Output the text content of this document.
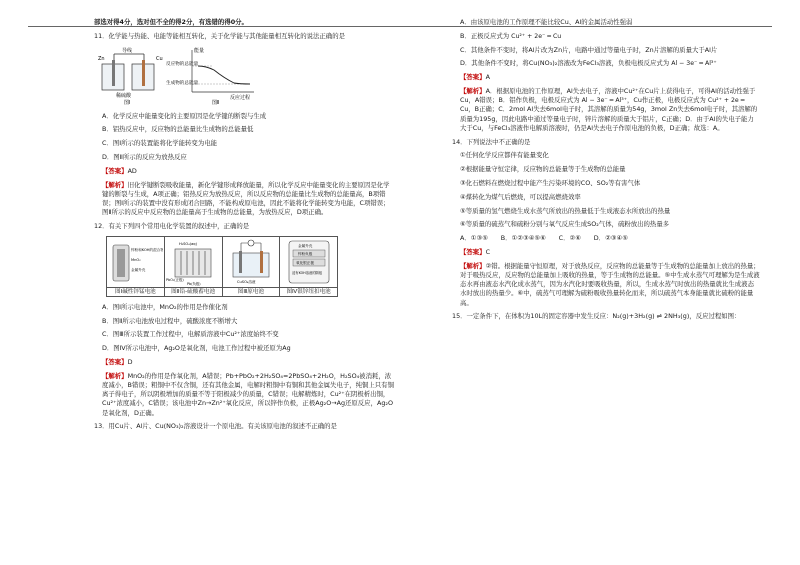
部选对得4分，选对但不全的得2分，有选错的得0分。

11．化学能与热能、电能等能相互转化，关于化学能与其他能量相互转化的说法正确的是

导线
Zn	Cu
稀硫酸
图Ⅰ
能量
反应物的总能量
生成物的总能量
反应过程
图Ⅱ

A．化学反应中能量变化的主要原因是化学键的断裂与生成

B．铝热反应中，反应物的总能量比生成物的总能量低

C．图Ⅰ所示的装置能将化学能转变为电能

D．图Ⅱ所示的反应为放热反应

【答案】AD

【解析】旧化学键断裂吸收能量，新化学键形成释放能量，所以化学反应中能量变化的主要原因是化学键的断裂与生成，A项正确；铝热反应为放热反应，所以反应物的总能量比生成物的总能量高，B项错误；图Ⅰ所示的装置中没有形成闭合回路，不能构成原电池，因此不能将化学能转变为电能，C项错误；图Ⅱ所示的反应中反应物的总能量高于生成物的总能量，为放热反应，D项正确。

12．有关下列四个常用电化学装置的叙述中，正确的是

锌粉和KOH的混合物
MnO₂
金属外壳	H₂SO₄(aq)
PbO₂(正极)
Pb(负极)	CuSO₄溶液	金属外壳
锌粉负极
氧化银正极
浸有KOH溶液的隔板

图Ⅰ碱性锌锰电池	图Ⅱ铅-硫酸蓄电池	图Ⅲ原电池	图Ⅳ银锌纽扣电池

A．图Ⅰ所示电池中，MnO₂的作用是作催化剂

B．图Ⅱ所示电池放电过程中，硫酸浓度不断增大

C．图Ⅲ所示装置工作过程中，电解质溶液中Cu²⁺浓度始终不变

D．图Ⅳ所示电池中，Ag₂O是氧化剂，电池工作过程中被还原为Ag

【答案】D

【解析】MnO₂的作用是作氧化剂，A错误；Pb+PbO₂+2H₂SO₄=2PbSO₄+2H₂O，H₂SO₄被消耗，浓度减小，B错误；粗铜中不仅含铜，还有其他金属，电解时粗铜中有铜和其他金属失电子，纯铜上只有铜离子得电子，所以阴极增加的质量不等于阳极减少的质量，C错误；电解精炼时，Cu²⁺在阴极析出铜，Cu²⁺浓度减小，C错误；该电池中Zn→Zn²⁺氧化反应，所以锌作负极，正极Ag₂O→Ag还原反应，Ag₂O是氧化剂，D正确。

13．用Cu片、Al片、Cu(NO₃)₂溶液设计一个原电池。有关该原电池的叙述不正确的是

A．由该原电池的工作原理不能比较Cu、Al的金属活动性强弱

B．正极反应式为 Cu²⁺ + 2e⁻ ═ Cu

C．其他条件不变时，将Al片改为Zn片，电路中通过等量电子时，Zn片溶解的质量大于Al片

D．其他条件不变时，将Cu(NO₃)₂溶液改为FeCl₃溶液，负极电极反应式为 Al − 3e⁻ ═ Al³⁺

【答案】A

【解析】A．根据原电池的工作原理，Al失去电子，溶液中Cu²⁺在Cu片上获得电子，可得Al的活动性强于Cu，A错误；B．铝作负极，电极反应式为 Al − 3e⁻ ═ Al³⁺，Cu作正极，电极反应式为 Cu²⁺ + 2e ═ Cu，B正确；C．2mol Al失去6mol电子时，其溶解的质量为54g，3mol Zn失去6mol电子时，其溶解的质量为195g，因此电路中通过等量电子时，锌片溶解的质量大于铝片，C正确；D．由于Al的失电子能力大于Cu，与FeCl₃溶液作电解质溶液时，仍是Al失去电子作原电池的负极，D正确；故选：A。

14．下列说法中不正确的是

①任何化学反应都伴有能量变化

②根据能量守恒定律，反应物的总能量等于生成物的总能量

③化石燃料在燃烧过程中能产生污染环境的CO、SO₂等有害气体

④煤转化为煤气后燃烧，可以提高燃烧效率

⑤等质量的氢气燃烧生成水蒸气所放出的热量低于生成液态水所放出的热量

⑥等质量的硫蒸气和硫粉分别与氧气反应生成SO₂气体，硫粉放出的热量多

A．①③⑤　　B．①②③④⑤⑥　　C．②⑥　　D．②③④⑤

【答案】C

【解析】②错。根据能量守恒原理，对于放热反应，反应物的总能量等于生成物的总能量加上放出的热量；对于吸热反应，反应物的总能量加上吸收的热量，等于生成物的总能量。⑤中生成水蒸气可理解为是生成液态水再由液态水汽化成水蒸气，因为水汽化时要吸收热量，所以，生成水蒸气时放出的热量就比生成液态水时放出的热量少。⑥中，硫蒸气可理解为硫粉吸收热量转化而来，所以硫蒸气本身能量就比硫粉的能量高。

15．一定条件下，在体积为10L的固定容器中发生反应：N₂(g)+3H₂(g) ⇌ 2NH₃(g)，反应过程如图：
